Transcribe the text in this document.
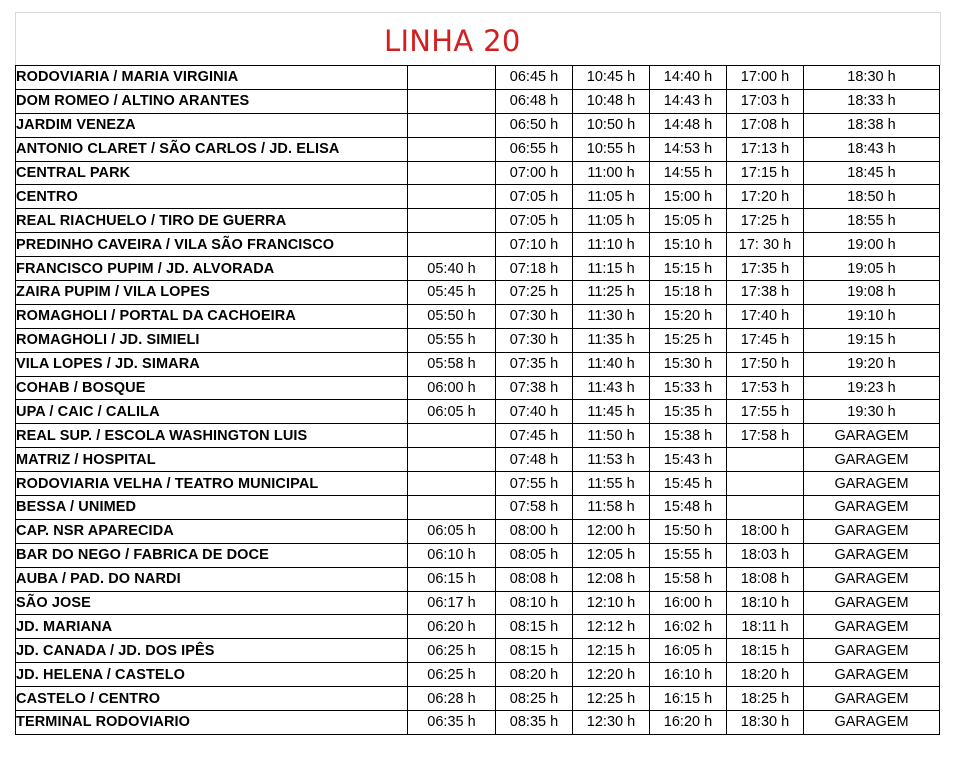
LINHA 20
RODOVIARIA / MARIA VIRGINIA		06:45 h	10:45 h	14:40 h	17:00 h	18:30 h
DOM ROMEO / ALTINO ARANTES		06:48 h	10:48 h	14:43 h	17:03 h	18:33 h
JARDIM VENEZA		06:50 h	10:50 h	14:48 h	17:08 h	18:38 h
ANTONIO CLARET / SÃO CARLOS / JD. ELISA		06:55 h	10:55 h	14:53 h	17:13 h	18:43 h
CENTRAL PARK		07:00 h	11:00 h	14:55 h	17:15 h	18:45 h
CENTRO		07:05 h	11:05 h	15:00 h	17:20 h	18:50 h
REAL RIACHUELO / TIRO DE GUERRA		07:05 h	11:05 h	15:05 h	17:25 h	18:55 h
PREDINHO CAVEIRA / VILA SÃO FRANCISCO		07:10 h	11:10 h	15:10 h	17: 30 h	19:00 h
FRANCISCO PUPIM / JD. ALVORADA	05:40 h	07:18 h	11:15 h	15:15 h	17:35 h	19:05 h
ZAIRA PUPIM / VILA LOPES	05:45 h	07:25 h	11:25 h	15:18 h	17:38 h	19:08 h
ROMAGHOLI / PORTAL DA CACHOEIRA	05:50 h	07:30 h	11:30 h	15:20 h	17:40 h	19:10 h
ROMAGHOLI / JD. SIMIELI	05:55 h	07:30 h	11:35 h	15:25 h	17:45 h	19:15 h
VILA LOPES / JD. SIMARA	05:58 h	07:35 h	11:40 h	15:30 h	17:50 h	19:20 h
COHAB / BOSQUE	06:00 h	07:38 h	11:43 h	15:33 h	17:53 h	19:23 h
UPA / CAIC / CALILA	06:05 h	07:40 h	11:45 h	15:35 h	17:55 h	19:30 h
REAL SUP. / ESCOLA WASHINGTON LUIS		07:45 h	11:50 h	15:38 h	17:58 h	GARAGEM
MATRIZ / HOSPITAL		07:48 h	11:53 h	15:43 h		GARAGEM
RODOVIARIA VELHA / TEATRO MUNICIPAL		07:55 h	11:55 h	15:45 h		GARAGEM
BESSA / UNIMED		07:58 h	11:58 h	15:48 h		GARAGEM
CAP. NSR APARECIDA	06:05 h	08:00 h	12:00 h	15:50 h	18:00 h	GARAGEM
BAR DO NEGO / FABRICA DE DOCE	06:10 h	08:05 h	12:05 h	15:55 h	18:03 h	GARAGEM
AUBA / PAD. DO NARDI	06:15 h	08:08 h	12:08 h	15:58 h	18:08 h	GARAGEM
SÃO JOSE	06:17 h	08:10 h	12:10 h	16:00 h	18:10 h	GARAGEM
JD. MARIANA	06:20 h	08:15 h	12:12 h	16:02 h	18:11 h	GARAGEM
JD. CANADA / JD. DOS IPÊS	06:25 h	08:15 h	12:15 h	16:05 h	18:15 h	GARAGEM
JD. HELENA / CASTELO	06:25 h	08:20 h	12:20 h	16:10 h	18:20 h	GARAGEM
CASTELO / CENTRO	06:28 h	08:25 h	12:25 h	16:15 h	18:25 h	GARAGEM
TERMINAL RODOVIARIO	06:35 h	08:35 h	12:30 h	16:20 h	18:30 h	GARAGEM
